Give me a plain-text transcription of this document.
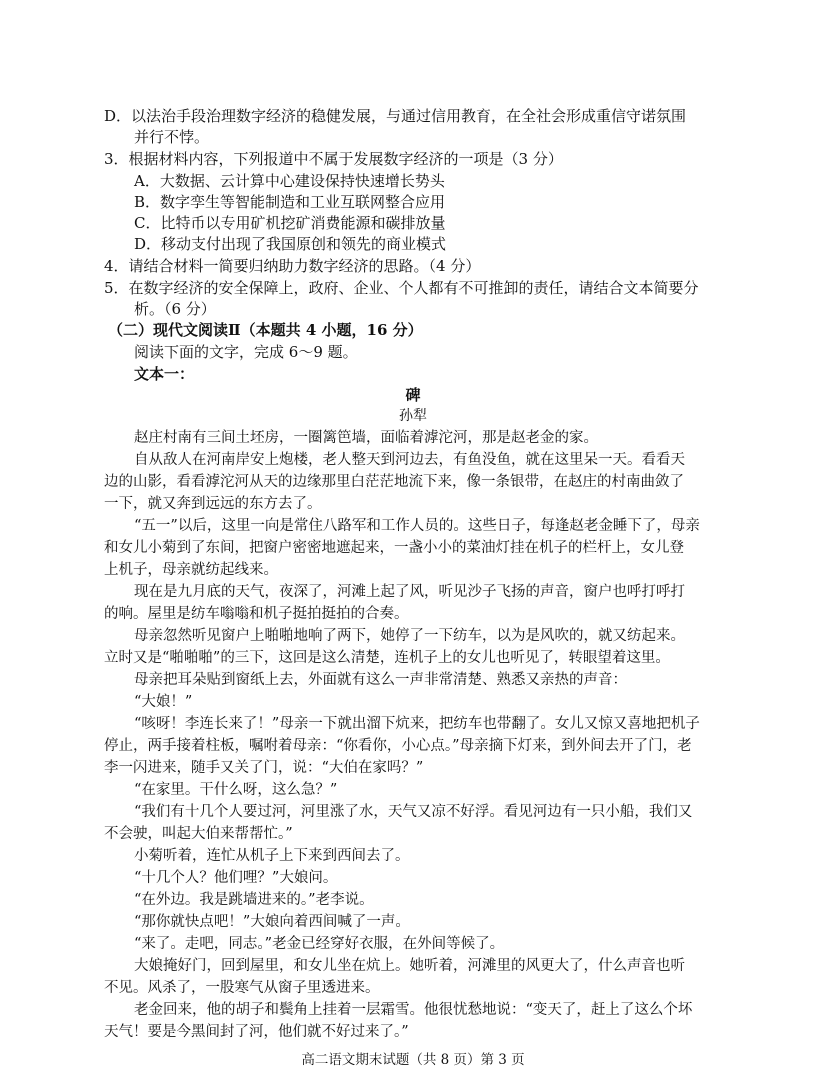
D．以法治手段治理数字经济的稳健发展，与通过信用教育，在全社会形成重信守诺氛围
并行不悖。
3．根据材料内容，下列报道中不属于发展数字经济的一项是（3 分）
A．大数据、云计算中心建设保持快速增长势头
B．数字孪生等智能制造和工业互联网整合应用
C．比特币以专用矿机挖矿消费能源和碳排放量
D．移动支付出现了我国原创和领先的商业模式
4．请结合材料一简要归纳助力数字经济的思路。（4 分）
5．在数字经济的安全保障上，政府、企业、个人都有不可推卸的责任，请结合文本简要分
析。（6 分）
（二）现代文阅读Ⅱ（本题共 4 小题，16 分）
阅读下面的文字，完成 6～9 题。
文本一：
碑
孙犁
赵庄村南有三间土坯房，一圈篱笆墙，面临着滹沱河，那是赵老金的家。
自从敌人在河南岸安上炮楼，老人整天到河边去，有鱼没鱼，就在这里呆一天。看看天
边的山影，看看滹沱河从天的边缘那里白茫茫地流下来，像一条银带，在赵庄的村南曲敛了
一下，就又奔到远远的东方去了。
“五一”以后，这里一向是常住八路军和工作人员的。这些日子，每逢赵老金睡下了，母亲
和女儿小菊到了东间，把窗户密密地遮起来，一盏小小的菜油灯挂在机子的栏杆上，女儿登
上机子，母亲就纺起线来。
现在是九月底的天气，夜深了，河滩上起了风，听见沙子飞扬的声音，窗户也呼打呼打
的响。屋里是纺车嗡嗡和机子挺拍挺拍的合奏。
母亲忽然听见窗户上啪啪地响了两下，她停了一下纺车，以为是风吹的，就又纺起来。
立时又是“啪啪啪”的三下，这回是这么清楚，连机子上的女儿也听见了，转眼望着这里。
母亲把耳朵贴到窗纸上去，外面就有这么一声非常清楚、熟悉又亲热的声音：
“大娘！”
“咳呀！李连长来了！”母亲一下就出溜下炕来，把纺车也带翻了。女儿又惊又喜地把机子
停止，两手接着柱板，嘱咐着母亲：“你看你，小心点。”母亲摘下灯来，到外间去开了门，老
李一闪进来，随手又关了门，说：“大伯在家吗？”
“在家里。干什么呀，这么急？”
“我们有十几个人要过河，河里涨了水，天气又凉不好浮。看见河边有一只小船，我们又
不会驶，叫起大伯来帮帮忙。”
小菊听着，连忙从机子上下来到西间去了。
“十几个人？他们哩？”大娘问。
“在外边。我是跳墙进来的。”老李说。
“那你就快点吧！”大娘向着西间喊了一声。
“来了。走吧，同志。”老金已经穿好衣服，在外间等候了。
大娘掩好门，回到屋里，和女儿坐在炕上。她听着，河滩里的风更大了，什么声音也听
不见。风杀了，一股寒气从窗子里透进来。
老金回来，他的胡子和鬓角上挂着一层霜雪。他很忧愁地说：“变天了，赶上了这么个坏
天气！要是今黑间封了河，他们就不好过来了。”
高二语文期末试题（共 8 页）第 3 页
